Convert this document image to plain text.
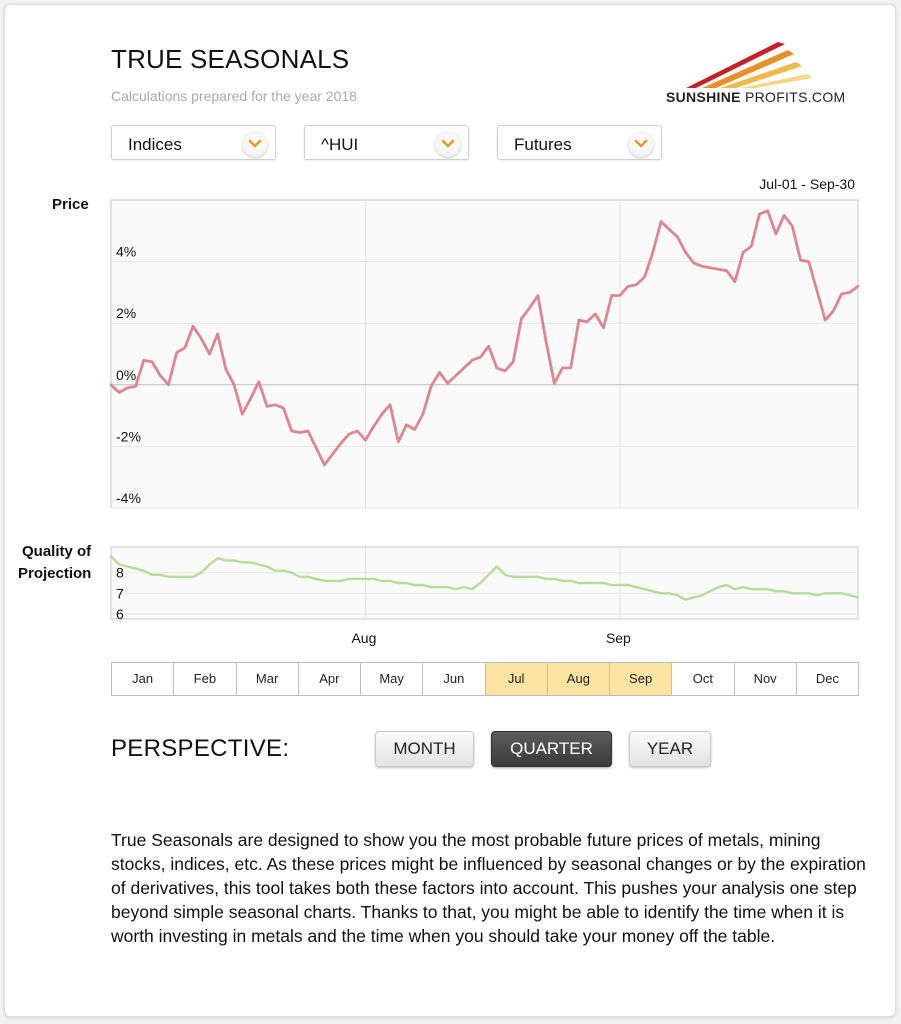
TRUE SEASONALS
Calculations prepared for the year 2018	SUNSHINE PROFITS.COM
Indices	^HUI	Futures
Jul-01 - Sep-30
Price
-4%
-2%
0%
2%
4%
Quality of
Projection
6
7
8
Jan	Feb	Mar	Apr	May	Jun	Jul	Aug	Sep	Oct	Nov	Dec
PERSPECTIVE:	MONTH	QUARTER	YEAR
True Seasonals are designed to show you the most probable future prices of metals, mining stocks, indices, etc. As these prices might be influenced by seasonal changes or by the expiration of derivatives, this tool takes both these factors into account. This pushes your analysis one step beyond simple seasonal charts. Thanks to that, you might be able to identify the time when it is worth investing in metals and the time when you should take your money off the table.
Aug	Sep
